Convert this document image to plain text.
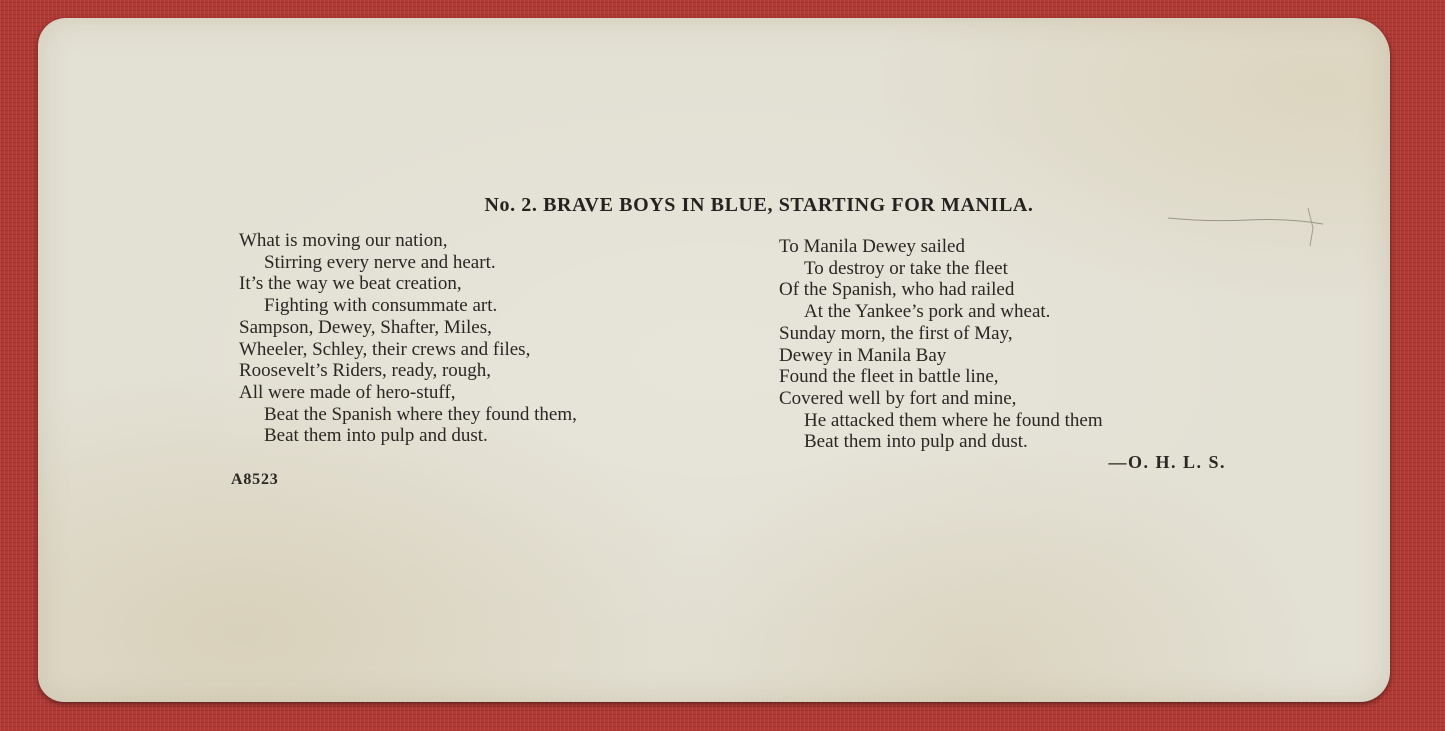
No. 2. BRAVE BOYS IN BLUE, STARTING FOR MANILA.
What is moving our nation,
Stirring every nerve and heart.
It’s the way we beat creation,
Fighting with consummate art.
Sampson, Dewey, Shafter, Miles,
Wheeler, Schley, their crews and files,
Roosevelt’s Riders, ready, rough,
All were made of hero-stuff,
Beat the Spanish where they found them,
Beat them into pulp and dust.
To Manila Dewey sailed
To destroy or take the fleet
Of the Spanish, who had railed
At the Yankee’s pork and wheat.
Sunday morn, the first of May,
Dewey in Manila Bay
Found the fleet in battle line,
Covered well by fort and mine,
He attacked them where he found them
Beat them into pulp and dust.
—O. H. L. S.
A8523
